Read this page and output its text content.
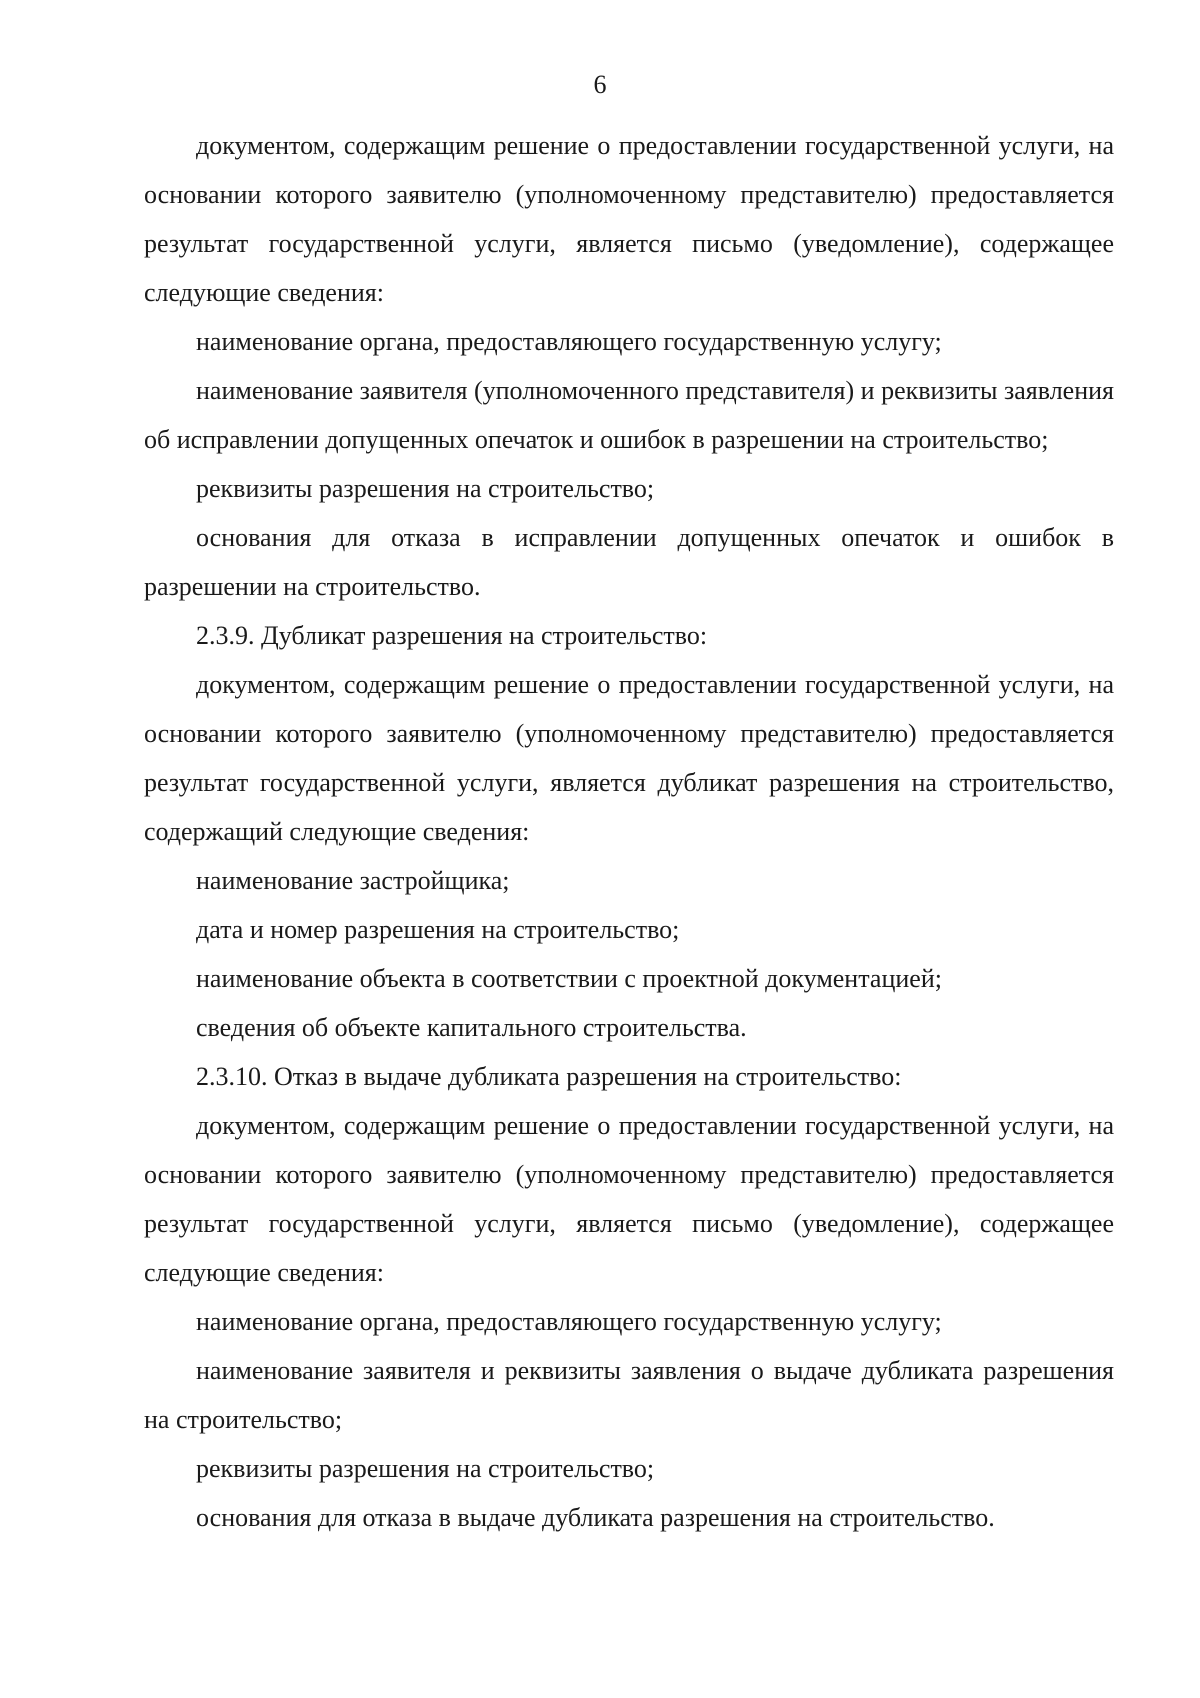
6

документом, содержащим решение о предоставлении государственной услуги, на основании которого заявителю (уполномоченному представителю) предоставляется результат государственной услуги, является письмо (уведомление), содержащее следующие сведения:

наименование органа, предоставляющего государственную услугу;

наименование заявителя (уполномоченного представителя) и реквизиты заявления об исправлении допущенных опечаток и ошибок в разрешении на строительство;

реквизиты разрешения на строительство;

основания для отказа в исправлении допущенных опечаток и ошибок в разрешении на строительство.

2.3.9. Дубликат разрешения на строительство:

документом, содержащим решение о предоставлении государственной услуги, на основании которого заявителю (уполномоченному представителю) предоставляется результат государственной услуги, является дубликат разрешения на строительство, содержащий следующие сведения:

наименование застройщика;

дата и номер разрешения на строительство;

наименование объекта в соответствии с проектной документацией;

сведения об объекте капитального строительства.

2.3.10. Отказ в выдаче дубликата разрешения на строительство:

документом, содержащим решение о предоставлении государственной услуги, на основании которого заявителю (уполномоченному представителю) предоставляется результат государственной услуги, является письмо (уведомление), содержащее следующие сведения:

наименование органа, предоставляющего государственную услугу;

наименование заявителя и реквизиты заявления о выдаче дубликата разрешения на строительство;

реквизиты разрешения на строительство;

основания для отказа в выдаче дубликата разрешения на строительство.
